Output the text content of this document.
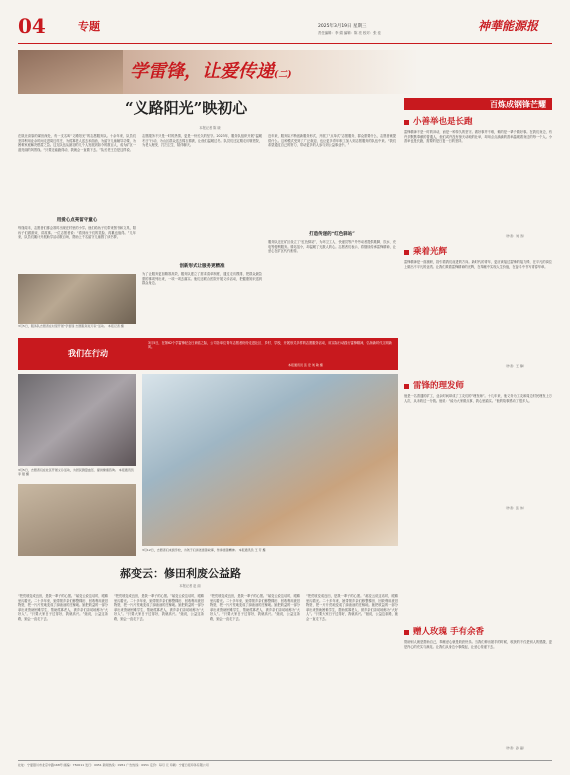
04	专题	2025年3月19日 星期三
责任编辑：李 娟 编辑：陈 亮 校对：张 佳	神華能源报
学雷锋，让爱传递(二)
“义路阳光”映初心
本报记者 陈 晓
在陕北高原的煤田深处，有一支名叫“义路阳光”的志愿服务队。十余年来，队员们坚持利用业余时间走进周边村庄，为孤寡老人送去米面油，为留守儿童辅导功课，为困难家庭解决燃眉之急。这支队伍从最初的几个人发展到如今的数百人，成为矿区一道亮丽的风景线。“只要还能跑得动，我就会一直做下去。”队长老王总是这样说。
用爱心点亮留守童心
每逢周末，志愿者们都会准时出现在村里的小学。他们给孩子们带来图书和文具，陪孩子们做游戏、讲故事。一位志愿者说：“看到孩子们的笑脸，再累也值得。”几年来，队员们累计开展助学活动数百场，帮助上千名留守儿童圆了读书梦。
3月5日，服务队志愿者在村里开展“学雷锋 志愿服务进万家”活动。 本报记者 摄
志愿服务不只是一时的热情，更是一份长久的坚守。2023年，服务队组织开展“温暖冬日”行动，为山区群众送去棉衣棉被，让他们温暖过冬。队员们还定期走访敬老院，为老人理发、打扫卫生、陪伴聊天。
创新形式让服务更精准
为了让服务更加精准高效，服务队建立了需求清单制度，通过走访摸排，把群众最急需的事项列出来，一项一项去落实。他们还联合医院开展义诊活动，把健康知识送到群众身边。
近年来，服务队不断创新服务形式，开展了“点单式”志愿服务，群众需要什么，志愿者就提供什么。这种模式受到了广泛欢迎，也让更多青年职工加入到志愿服务的队伍中来。“我们希望通过自己的努力，带动更多的人参与到公益事业中。”
打造传递的“红色驿站”
服务队还在矿区设立了“红色驿站”，为环卫工人、快递员等户外劳动者提供歇脚、饮水、充电等便利服务。驿站虽小，却温暖了无数人的心。志愿者们表示，将继续传承雷锋精神，让爱心在矿区代代相传。
我们在行动
3月5日，在第62个学雷锋纪念日来临之际，公司各单位青年志愿者纷纷走进社区、乡村、学校，开展形式多样的志愿服务活动，用实际行动践行雷锋精神，弘扬新时代文明新风。
本报通讯员 张 宏 刘 敏 摄
3月5日，志愿者们在社区开展义诊活动，为居民测量血压、提供健康咨询。 本报通讯员 李 强 摄
3月12日，志愿者们来到学校，为孩子们讲述雷锋故事，传承雷锋精神。 本报通讯员 王 芳 摄
郝变云：修田利废公益路
本报记者 赵 丽
“把荒坡变成良田，是我一辈子的心愿。”郝变云说这话时，眼睛里闪着光。二十多年来，她带领乡亲们修整梯田、回收利用废旧物资，把一片片荒地变成了绿油油的庄稼地。她把收益的一部分拿出来资助困难学生，帮助孤寡老人，被乡亲们亲切地称为“大好人”。“只要大家日子过得好，我就高兴。”她说，公益这条路，她会一直走下去。
“把荒坡变成良田，是我一辈子的心愿。”郝变云说这话时，眼睛里闪着光。二十多年来，她带领乡亲们修整梯田、回收利用废旧物资，把一片片荒地变成了绿油油的庄稼地。她把收益的一部分拿出来资助困难学生，帮助孤寡老人，被乡亲们亲切地称为“大好人”。“只要大家日子过得好，我就高兴。”她说，公益这条路，她会一直走下去。
“把荒坡变成良田，是我一辈子的心愿。”郝变云说这话时，眼睛里闪着光。二十多年来，她带领乡亲们修整梯田、回收利用废旧物资，把一片片荒地变成了绿油油的庄稼地。她把收益的一部分拿出来资助困难学生，帮助孤寡老人，被乡亲们亲切地称为“大好人”。“只要大家日子过得好，我就高兴。”她说，公益这条路，她会一直走下去。
“把荒坡变成良田，是我一辈子的心愿。”郝变云说这话时，眼睛里闪着光。二十多年来，她带领乡亲们修整梯田、回收利用废旧物资，把一片片荒地变成了绿油油的庄稼地。她把收益的一部分拿出来资助困难学生，帮助孤寡老人，被乡亲们亲切地称为“大好人”。“只要大家日子过得好，我就高兴。”她说，公益这条路，她会一直走下去。
百炼成钢锋芒耀
小善举也是长跑
雷锋精神不是一时的冲动，而是一种持久的坚守。做好事并不难，难的是一辈子做好事。在我们身边，有许多默默奉献的普通人，他们或许没有惊天动地的壮举，却用点点滴滴的善举温暖着身边的每一个人。小善举也是长跑，需要的是日复一日的坚持。
（作者：刘 涛）
乘着光辉
雷锋精神是一面旗帜，指引着我们前进的方向。新时代的青年，更应该接过雷锋的接力棒，在平凡的岗位上做出不平凡的业绩。让我们乘着雷锋精神的光辉，在奉献中实现人生价值，在奋斗中书写青春华章。
（作者：王 静）
雷锋的理发师
他是一名普通的矿工，业余时间却成了工友们的“理发师”。十几年来，他义务为工友和周边村民理发上万人次，从未收过一分钱。他说：“能为大家做点事，我心里踏实。”他的故事感动了很多人。
（作者：张 伟）
赠人玫瑰 手有余香
帮助别人就是帮助自己，奉献爱心就是收获快乐。当我们伸出援手的时候，收获的不仅是别人的感激，更是内心的充实与满足。让我们从身边小事做起，让爱心传递下去。
（作者：孙 磊）
社址：宁夏银川市北京中路168号 邮编：750011 发行：0951 新闻热线：0951 广告热线：0951 定价：每月 元 印刷：宁夏日报印务有限公司
